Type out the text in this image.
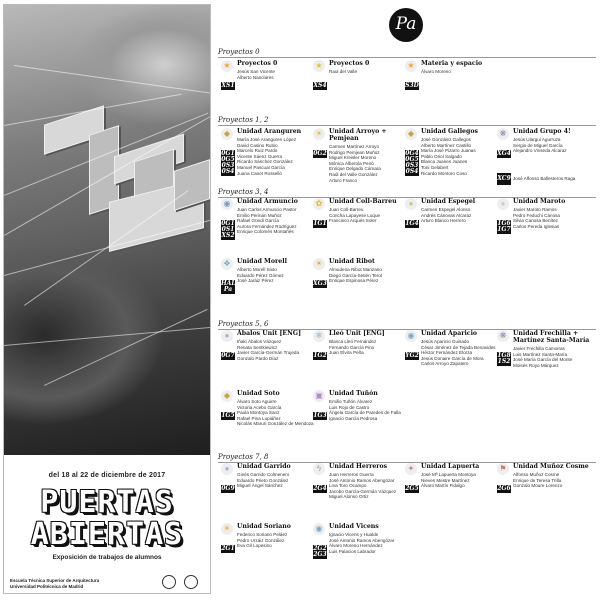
del 18 al 22 de diciembre de 2017
PUERTAS
ABIERTAS
Exposición de trabajos de alumnos
Escuela Técnica Superior de Arquitectura
Universidad Politécnica de Madrid
Pa
Proyectos 0
★	Proyectos 0
Jesús San Vicente
Alberto Nanclares
XS1
★	Proyectos 0
Raul del Valle
XS4
★	Materia y espacio
Álvaro Moreno
S3D
Proyectos 1, 2
◆	Unidad Aranguren
María José Aranguren López
David Casino Rubio
Marcelo Ruiz Pardo
Vicente Sáenz Guerra
Ricardo Sánchez González
Manuel Pascual García
Juana Canet Rosselló
0G1
0G5
0S3
0S4
☀	Unidad Arroyo + Pemjean
Carmen Martínez Arroyo
Rodrigo Pemjean Muñoz
Miguel Kreisler Moreno
Mónica Alberola Peiró
Enrique Delgado Cámara
Raúl del Valle González
Arturo Franco
0G2
◆	Unidad Gallegos
José González Gallegos
Alberto Martínez Castillo
María José Pizarro Juanas
Pablo Oriol Salgado
Blanca Juanes Juanes
Toni Gelabert
Ricardo Montoro Coso
0G4
0G5
0S3
0S4
❋	Unidad Grupo 4!
Jesús Ulargui Agurruza
Sergio de Miguel García
Alejandro Vinseda Alcaraz
XG4
XC9 José Alfonso Ballesteros Raga
Proyectos 3, 4
◉	Unidad Armuncio
Juan Carlos Armuncio Pastor
Emilio Perinán Muñoz
Rafael Gündi García
Aurora Fernández Rodríguez
Enrique Colomés Montañés
0G1
0S1
XS2
✿	Unidad Coll-Barreu
Juan Coll-Barreu
Concha Lapayese Luque
Francisco Arqués Soler
1G1
●	Unidad Espegel
Carmen Espegel Alonso
Andrés Cánovas Alcaraz
Arturo Blanco Herrero
1G4
●	Unidad Maroto
Javier Maroto Ramos
Pedro Feduchi Canosa
Silvia Canosa Benítez
Carlos Pereda Iglesias
1G6
1G7
❖	Unidad Morell
Alberto Morell Sixto
Eduardo Pérez Gómez
José Jaráiz Pérez
HALL
Pa
☀	Unidad Ribot
Almudena Ribot Manzano
Diego García-Setién Terol
Enrique Espinosa Pérez
XG3
Proyectos 5, 6
●	Ábalos Unit [ENG]
Iñaki Ábalos Vázquez
Renata Sentkiewicz
Javier García-Germán Trujeda
Gonzalo Pardo Díaz
0G7
❄	Lleó Unit [ENG]
Blanca Lleó Fernández
Fernando García Pino
Juan Elvira Peña
1G2
◉	Unidad Aparicio
Jesús Aparicio Guisado
César Jiménez de Tejada Benavides
Héctor Fernández Elorza
Jesús Donaire García de Mora
Carlos Arroyo Zapatero
YG2
❋	Unidad Frechilla + Martínez Santa-María
Javier Frechilla Camoiras
Luis Martínez Santa-María
José María García del Monte
Moisés Royo Márquez
1G8
1S2
◆	Unidad Soto
Álvaro Soto Aguirre
Victoria Acebo García
Paula Montoya Sanz
Rafael Pina Lupiáñez
Nicolás Maruri González de Mendoza
1G5
▣	Unidad Tuñón
Emilio Tuñón Álvarez
Luis Rojo de Castro
Ángela García de Paredes de Falla
Ignacio García Pedrosa
1G3
Proyectos 7, 8
●	Unidad Garrido
Ginés Garrido Colmenero
Eduardo Prieto González
Miguel Ángel Sánchez
0G9
ϟ	Unidad Herreros
Juan Herreros Guerra
José Antonio Ramos Abengózar
Lina Toro Ocampo
Jacobo García-Germán Vázquez
Miguel Alonso Ortiz
2G4
✦	Unidad Lapuerta
José Mª Lapuerta Montoya
Nieves Mestre Martínez
Álvaro Martín Fidalgo
2G5
⚑	Unidad Muñoz Cosme
Alfonso Muñoz Cosme
Enrique de Teresa Trilla
Gonzalo Moure Lorenzo
2G6
☀	Unidad Soriano
Federico Soriano Peláez
Pedro Urzáiz González
Eva Gil Lopesino
2G1
◉	Unidad Vicens
Ignacio Vicens y Hualde
José Antonio Ramos Abengózar
Álvaro Moreno Hernández
Luis Palacios Labrador
2G2
2G3
